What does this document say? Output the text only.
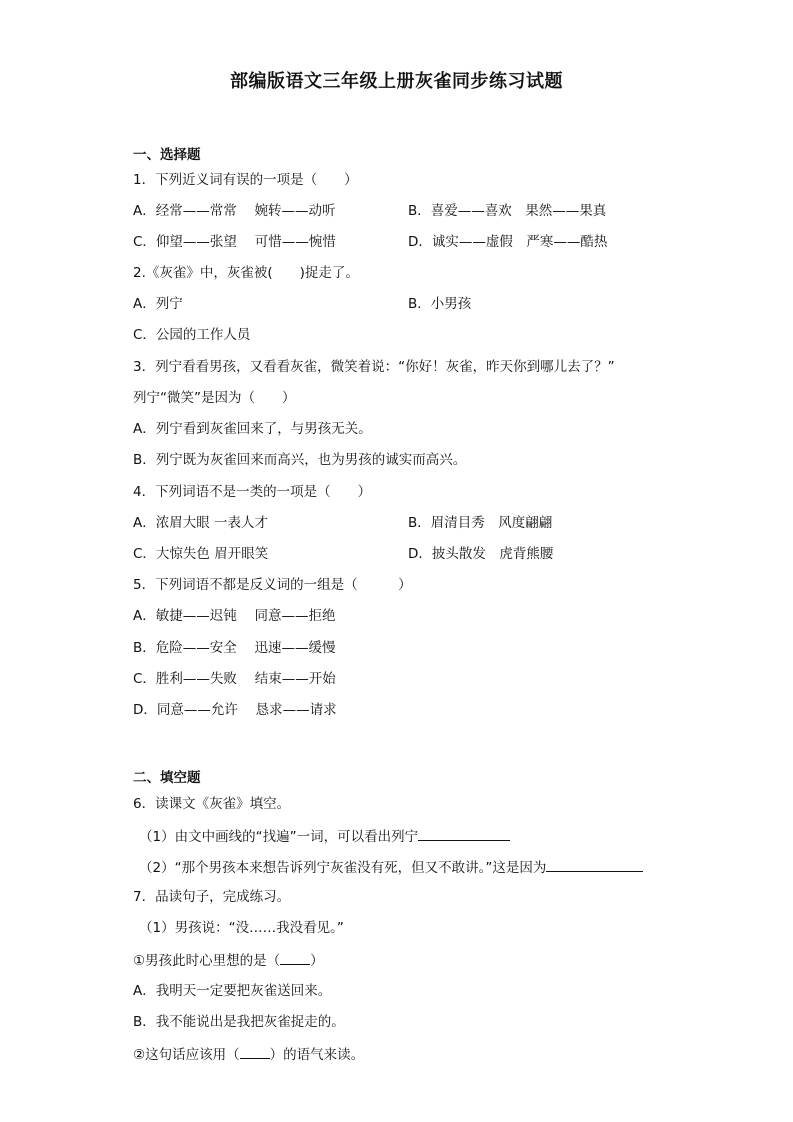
部编版语文三年级上册灰雀同步练习试题
一、选择题
1．下列近义词有误的一项是（　　）
A．经常——常常　 婉转——动听	B．喜爱——喜欢　果然——果真
C．仰望——张望　 可惜——惋惜	D．诚实——虚假　严寒——酷热
2.《灰雀》中，灰雀被(　　)捉走了。
A．列宁	B．小男孩
C．公园的工作人员
3．列宁看看男孩，又看看灰雀，微笑着说：“你好！灰雀，昨天你到哪儿去了？”
列宁“微笑”是因为（　　）
A．列宁看到灰雀回来了，与男孩无关。
B．列宁既为灰雀回来而高兴，也为男孩的诚实而高兴。
4．下列词语不是一类的一项是（　　）
A．浓眉大眼 一表人才	B．眉清目秀　风度翩翩
C．大惊失色 眉开眼笑	D．披头散发　虎背熊腰
5．下列词语不都是反义词的一组是（　　　）
A．敏捷——迟钝　 同意——拒绝
B．危险——安全　 迅速——缓慢
C．胜利——失败　 结束——开始
D．同意——允许　 恳求——请求
二、填空题
6．读课文《灰雀》填空。
（1）由文中画线的“找遍”一词，可以看出列宁
（2）“那个男孩本来想告诉列宁灰雀没有死，但又不敢讲。”这是因为
7．品读句子，完成练习。
（1）男孩说：“没……我没看见。”
①男孩此时心里想的是（ ）
A．我明天一定要把灰雀送回来。
B．我不能说出是我把灰雀捉走的。
②这句话应该用（ ）的语气来读。
